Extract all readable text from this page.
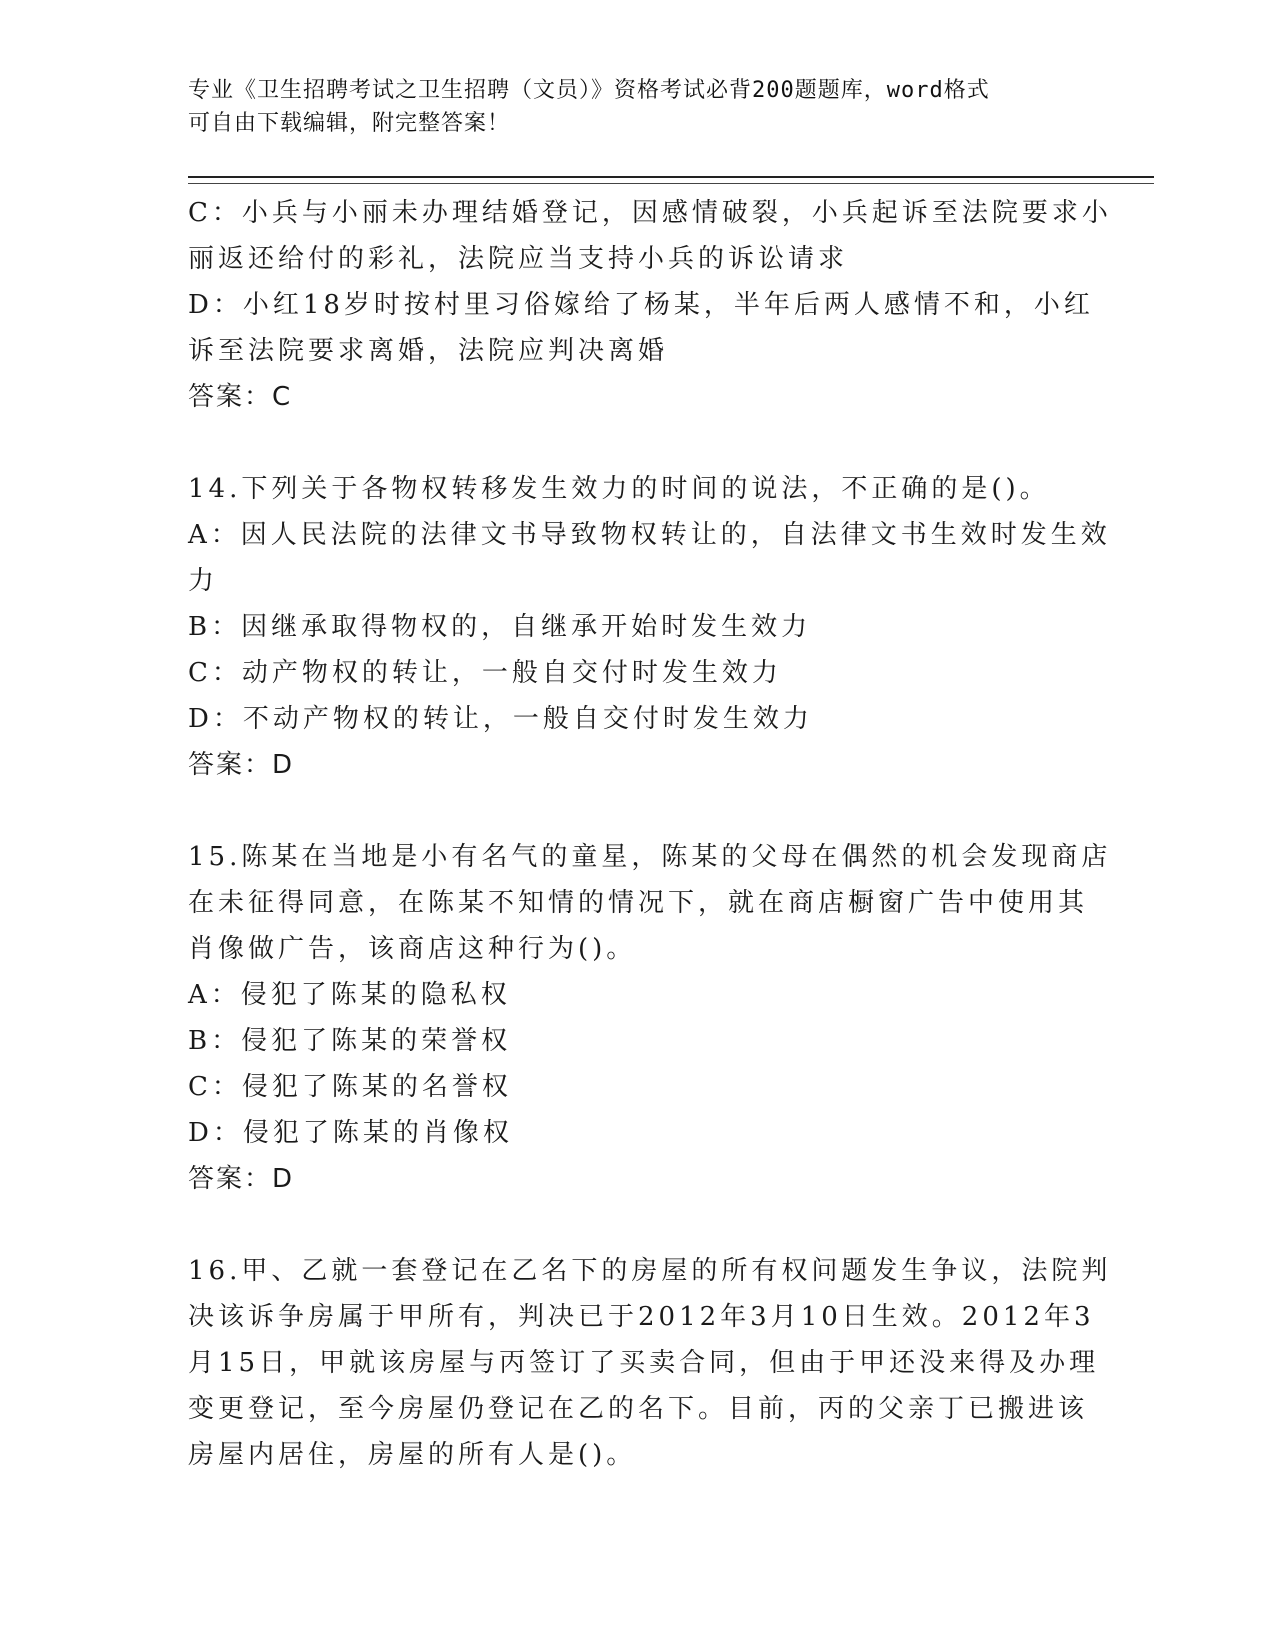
专业《卫生招聘考试之卫生招聘（文员）》资格考试必背200题题库，word格式
可自由下载编辑，附完整答案！
C：小兵与小丽未办理结婚登记，因感情破裂，小兵起诉至法院要求小
丽返还给付的彩礼，法院应当支持小兵的诉讼请求
D：小红18岁时按村里习俗嫁给了杨某，半年后两人感情不和，小红
诉至法院要求离婚，法院应判决离婚
答案：C
14.下列关于各物权转移发生效力的时间的说法，不正确的是()。
A：因人民法院的法律文书导致物权转让的，自法律文书生效时发生效
力
B：因继承取得物权的，自继承开始时发生效力
C：动产物权的转让，一般自交付时发生效力
D：不动产物权的转让，一般自交付时发生效力
答案：D
15.陈某在当地是小有名气的童星，陈某的父母在偶然的机会发现商店
在未征得同意，在陈某不知情的情况下，就在商店橱窗广告中使用其
肖像做广告，该商店这种行为()。
A：侵犯了陈某的隐私权
B：侵犯了陈某的荣誉权
C：侵犯了陈某的名誉权
D：侵犯了陈某的肖像权
答案：D
16.甲、乙就一套登记在乙名下的房屋的所有权问题发生争议，法院判
决该诉争房属于甲所有，判决已于2012年3月10日生效。2012年3
月15日，甲就该房屋与丙签订了买卖合同，但由于甲还没来得及办理
变更登记，至今房屋仍登记在乙的名下。目前，丙的父亲丁已搬进该
房屋内居住，房屋的所有人是()。
